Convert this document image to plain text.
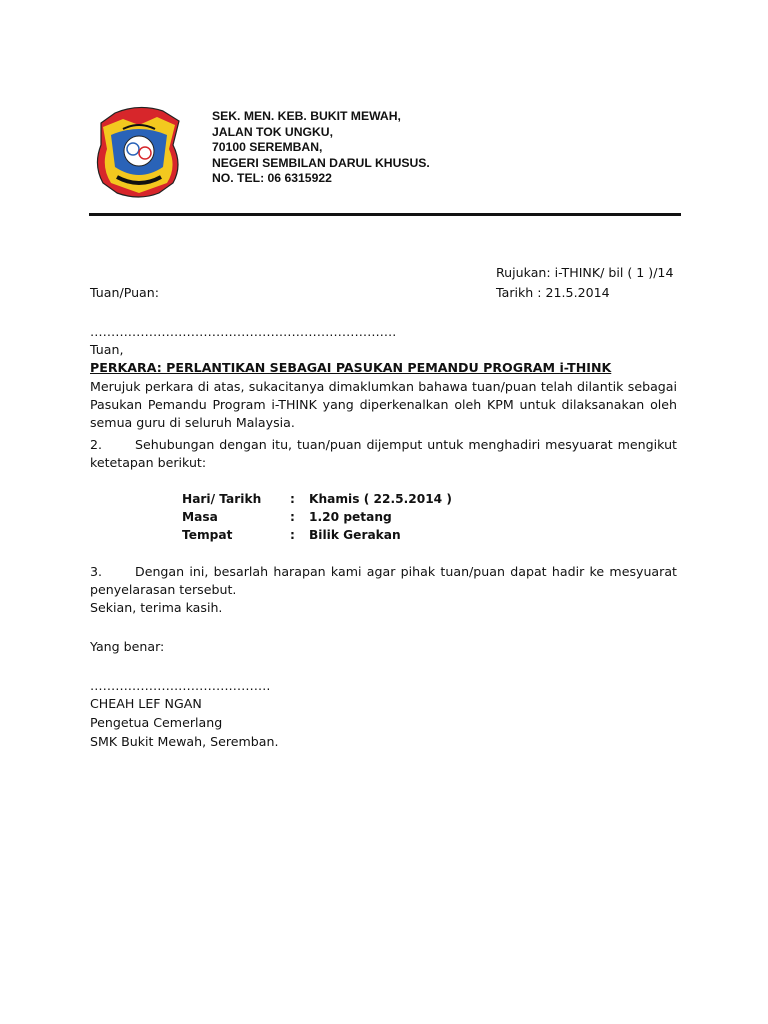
SEK. MEN. KEB. BUKIT MEWAH,
JALAN TOK UNGKU,
70100 SEREMBAN,
NEGERI SEMBILAN DARUL KHUSUS.
NO. TEL: 06 6315922
Rujukan: i-THINK/ bil ( 1 )/14
Tuan/Puan:	Tarikh : 21.5.2014
……………………………………………………………….
Tuan,
PERKARA: PERLANTIKAN SEBAGAI PASUKAN PEMANDU PROGRAM i-THINK
Merujuk perkara di atas, sukacitanya dimaklumkan bahawa tuan/puan telah dilantik sebagai Pasukan Pemandu Program i-THINK yang diperkenalkan oleh KPM untuk dilaksanakan oleh semua guru di seluruh Malaysia.
2.	Sehubungan dengan itu, tuan/puan dijemput untuk menghadiri mesyuarat mengikut ketetapan berikut:
Hari/ Tarikh	:	Khamis ( 22.5.2014 )
Masa	:	1.20 petang
Tempat	:	Bilik Gerakan
3.	Dengan ini, besarlah harapan kami agar pihak tuan/puan dapat hadir ke mesyuarat penyelarasan tersebut.
Sekian, terima kasih.
Yang benar:
…………………………………….
CHEAH LEF NGAN
Pengetua Cemerlang
SMK Bukit Mewah, Seremban.
